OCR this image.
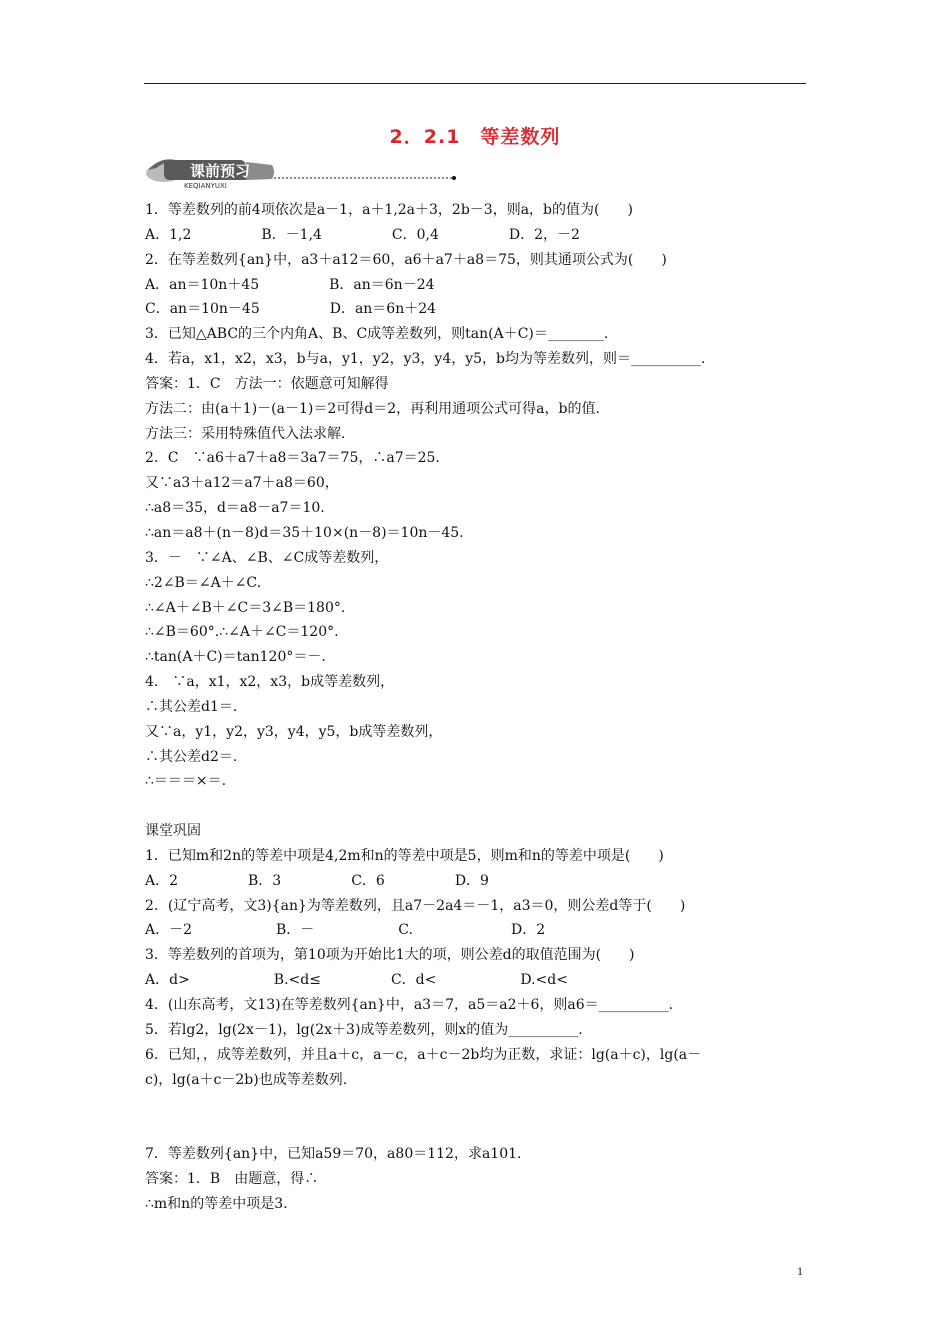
2．2.1　等差数列
课前预习
KEQIANYUXI
1．等差数列的前4项依次是a－1，a＋1,2a＋3，2b－3，则a，b的值为(　　)
A．1,2　　　　　B．－1,4　　　　　C．0,4　　　　　D．2，－2
2．在等差数列{an}中，a3＋a12＝60，a6＋a7＋a8＝75，则其通项公式为(　　)
A．an＝10n＋45　　　　　B．an＝6n－24
C．an＝10n－45　　　　　D．an＝6n＋24
3．已知△ABC的三个内角A、B、C成等差数列，则tan(A＋C)＝________.
4．若a，x1，x2，x3，b与a，y1，y2，y3，y4，y5，b均为等差数列，则＝__________.
答案：1．C　方法一：依题意可知解得
方法二：由(a＋1)－(a－1)＝2可得d＝2，再利用通项公式可得a，b的值.
方法三：采用特殊值代入法求解.
2．C　∵a6＋a7＋a8＝3a7＝75，∴a7＝25.
又∵a3＋a12＝a7＋a8＝60，
∴a8＝35，d＝a8－a7＝10.
∴an＝a8＋(n－8)d＝35＋10×(n－8)＝10n－45.
3．－　∵∠A、∠B、∠C成等差数列，
∴2∠B＝∠A＋∠C.
∴∠A＋∠B＋∠C＝3∠B＝180°.
∴∠B＝60°.∴∠A＋∠C＝120°.
∴tan(A＋C)＝tan120°＝－.
4.　∵a，x1，x2，x3，b成等差数列，
∴其公差d1＝.
又∵a，y1，y2，y3，y4，y5，b成等差数列，
∴其公差d2＝.
∴＝＝＝×＝.
课堂巩固
1．已知m和2n的等差中项是4,2m和n的等差中项是5，则m和n的等差中项是(　　)
A．2　　　　　B．3　　　　　C．6　　　　　D．9
2．(辽宁高考，文3){an}为等差数列，且a7－2a4＝－1，a3＝0，则公差d等于(　　)
A．－2　　　　　　B．－　　　　　　C.　　　　　　　D．2
3．等差数列的首项为，第10项为开始比1大的项，则公差d的取值范围为(　　)
A．d>　　　　　　B.<d≤　　　　　C．d<　　　　　　D.<d<
4．(山东高考，文13)在等差数列{an}中，a3＝7，a5＝a2＋6，则a6＝__________.
5．若lg2，lg(2x－1)，lg(2x＋3)成等差数列，则x的值为__________.
6．已知，，成等差数列，并且a＋c，a－c，a＋c－2b均为正数，求证：lg(a＋c)，lg(a－
c)，lg(a＋c－2b)也成等差数列.
7．等差数列{an}中，已知a59＝70，a80＝112，求a101.
答案：1．B　由题意，得∴
∴m和n的等差中项是3.
1
